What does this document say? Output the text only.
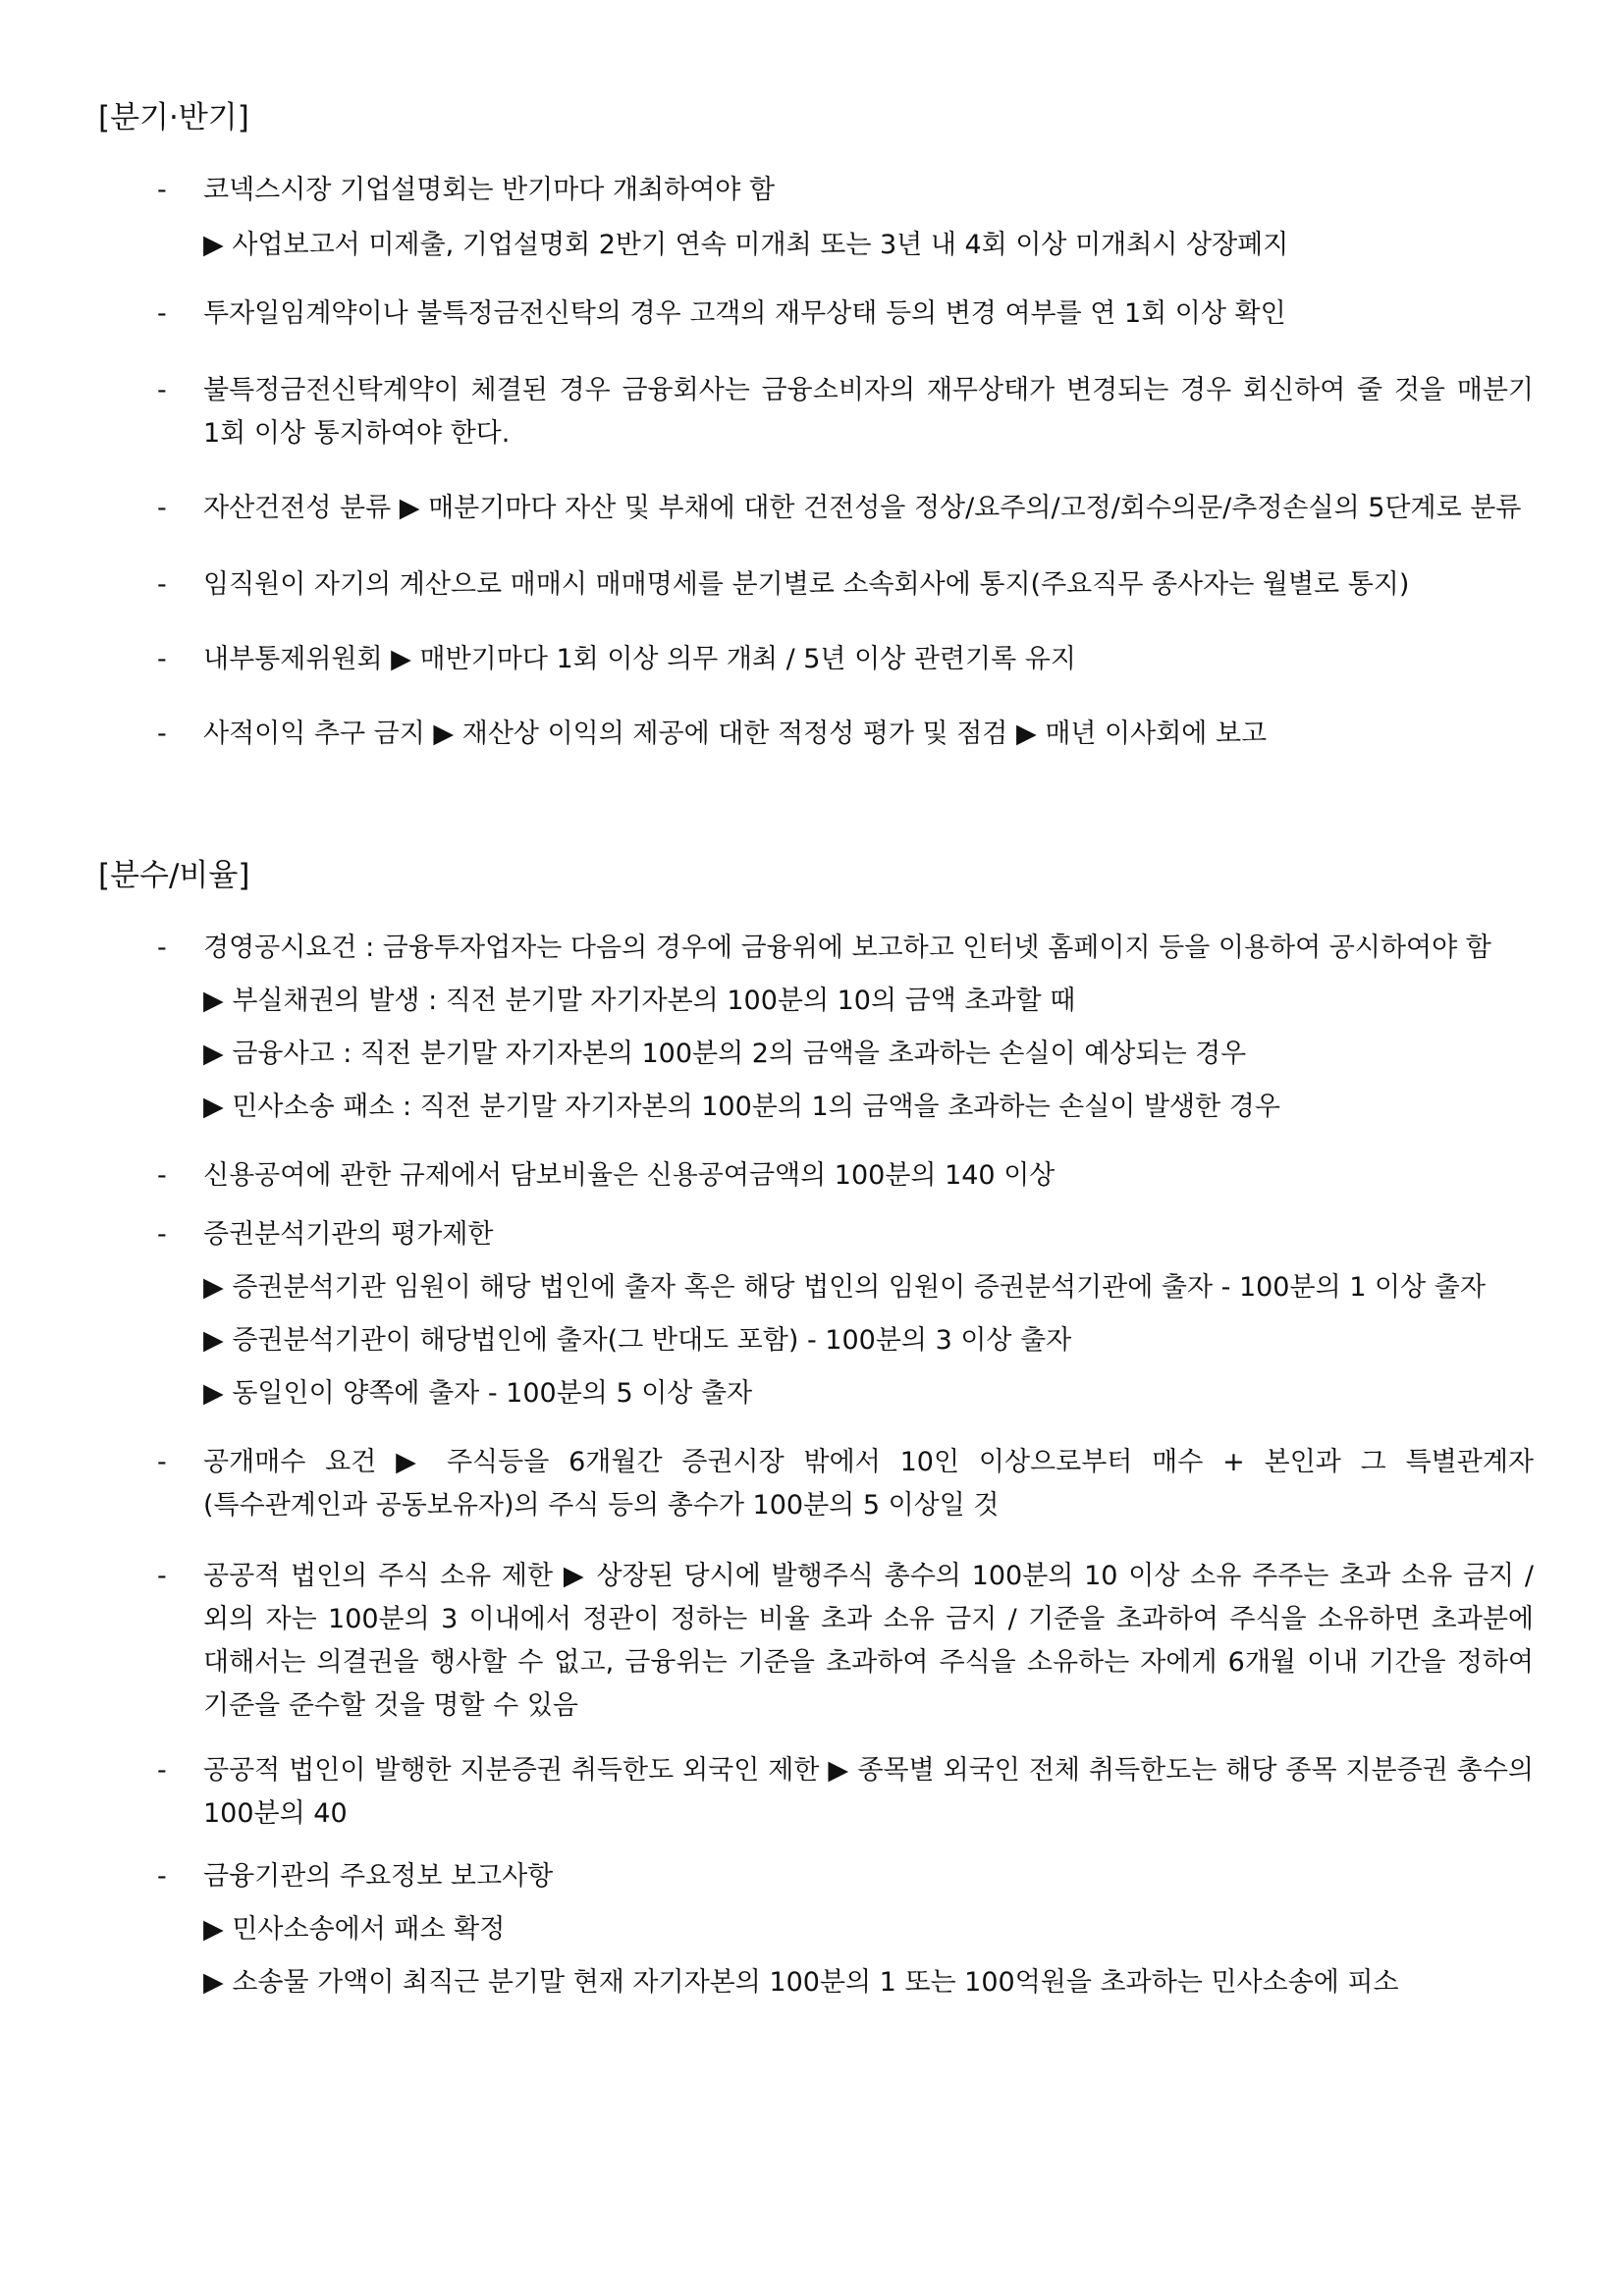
[분기·반기]
- 코넥스시장 기업설명회는 반기마다 개최하여야 함
▶ 사업보고서 미제출, 기업설명회 2반기 연속 미개최 또는 3년 내 4회 이상 미개최시 상장폐지
- 투자일임계약이나 불특정금전신탁의 경우 고객의 재무상태 등의 변경 여부를 연 1회 이상 확인
- 불특정금전신탁계약이 체결된 경우 금융회사는 금융소비자의 재무상태가 변경되는 경우 회신하여 줄 것을 매분기 1회 이상 통지하여야 한다.
- 자산건전성 분류 ▶ 매분기마다 자산 및 부채에 대한 건전성을 정상/요주의/고정/회수의문/추정손실의 5단계로 분류
- 임직원이 자기의 계산으로 매매시 매매명세를 분기별로 소속회사에 통지(주요직무 종사자는 월별로 통지)
- 내부통제위원회 ▶ 매반기마다 1회 이상 의무 개최 / 5년 이상 관련기록 유지
- 사적이익 추구 금지 ▶ 재산상 이익의 제공에 대한 적정성 평가 및 점검 ▶ 매년 이사회에 보고
[분수/비율]
- 경영공시요건 : 금융투자업자는 다음의 경우에 금융위에 보고하고 인터넷 홈페이지 등을 이용하여 공시하여야 함
▶ 부실채권의 발생 : 직전 분기말 자기자본의 100분의 10의 금액 초과할 때
▶ 금융사고 : 직전 분기말 자기자본의 100분의 2의 금액을 초과하는 손실이 예상되는 경우
▶ 민사소송 패소 : 직전 분기말 자기자본의 100분의 1의 금액을 초과하는 손실이 발생한 경우
- 신용공여에 관한 규제에서 담보비율은 신용공여금액의 100분의 140 이상
- 증권분석기관의 평가제한
▶ 증권분석기관 임원이 해당 법인에 출자 혹은 해당 법인의 임원이 증권분석기관에 출자 - 100분의 1 이상 출자
▶ 증권분석기관이 해당법인에 출자(그 반대도 포함) - 100분의 3 이상 출자
▶ 동일인이 양쪽에 출자 - 100분의 5 이상 출자
- 공개매수 요건 ▶ 주식등을 6개월간 증권시장 밖에서 10인 이상으로부터 매수 + 본인과 그 특별관계자(특수관계인과 공동보유자)의 주식 등의 총수가 100분의 5 이상일 것
- 공공적 법인의 주식 소유 제한 ▶ 상장된 당시에 발행주식 총수의 100분의 10 이상 소유 주주는 초과 소유 금지 / 외의 자는 100분의 3 이내에서 정관이 정하는 비율 초과 소유 금지 / 기준을 초과하여 주식을 소유하면 초과분에 대해서는 의결권을 행사할 수 없고, 금융위는 기준을 초과하여 주식을 소유하는 자에게 6개월 이내 기간을 정하여 기준을 준수할 것을 명할 수 있음
- 공공적 법인이 발행한 지분증권 취득한도 외국인 제한 ▶ 종목별 외국인 전체 취득한도는 해당 종목 지분증권 총수의 100분의 40
- 금융기관의 주요정보 보고사항
▶ 민사소송에서 패소 확정
▶ 소송물 가액이 최직근 분기말 현재 자기자본의 100분의 1 또는 100억원을 초과하는 민사소송에 피소
